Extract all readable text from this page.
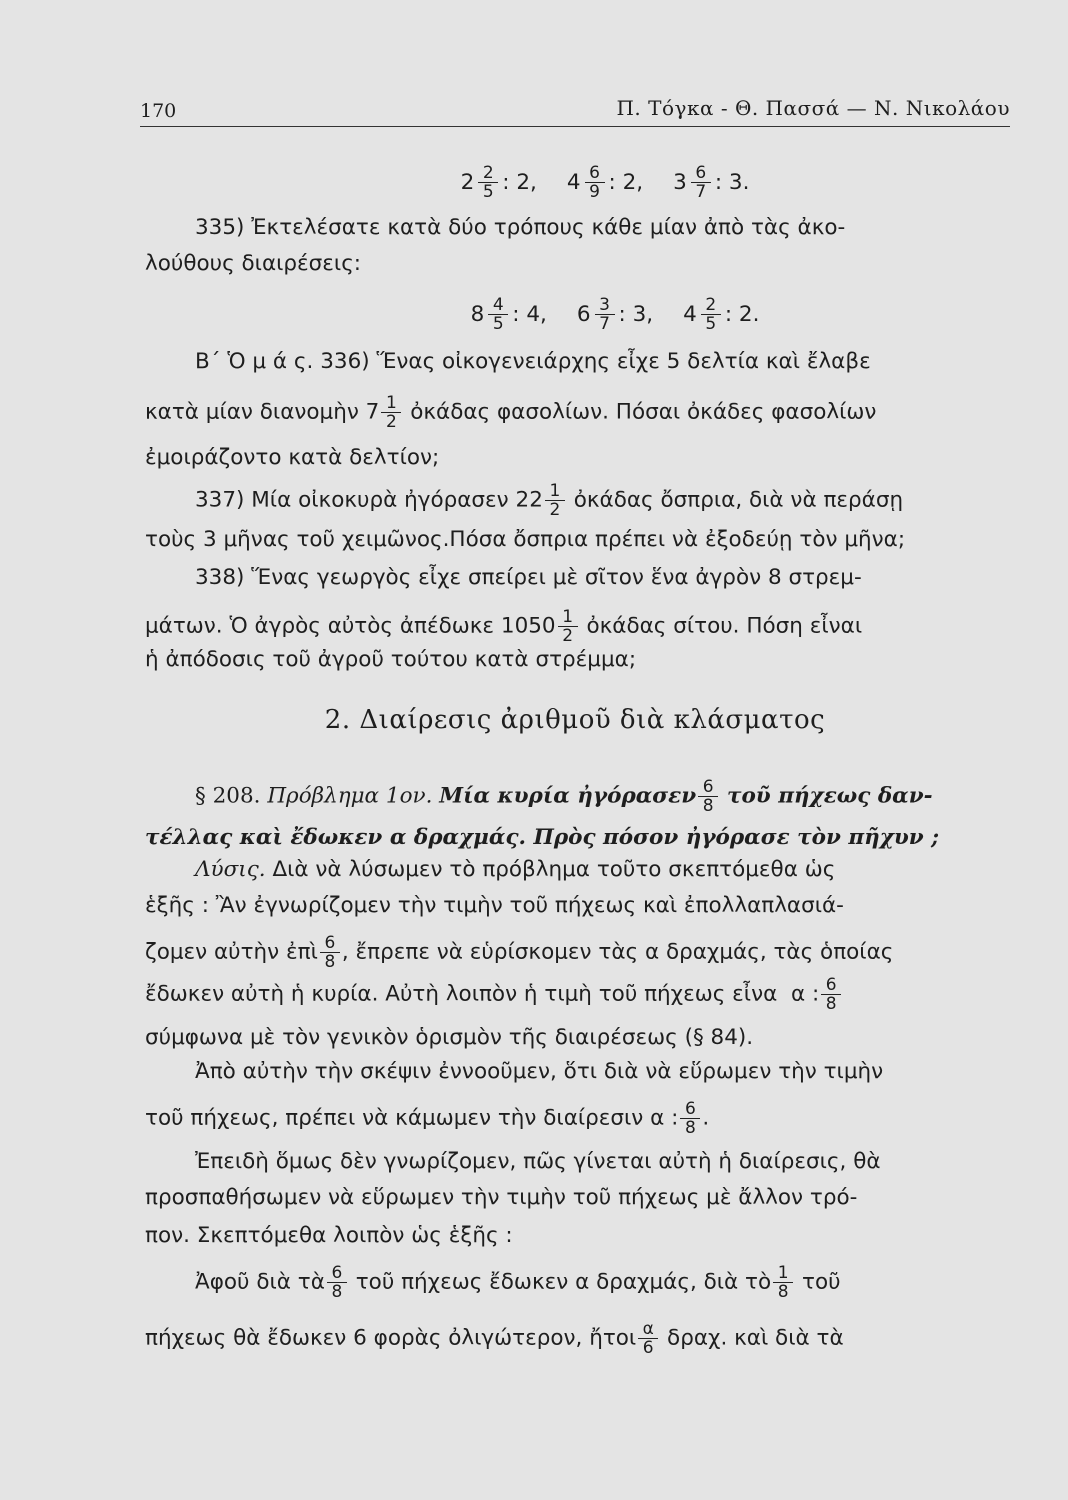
170	Π. Τόγκα - Θ. Πασσά — Ν. Νικολάου
$2 \frac{2}{5}$ : 2, $4 \frac{6}{9}$ : 2, $3 \frac{6}{7}$ : 3.
335) Ἐκτελέσατε κατὰ δύο τρόπους κάθε μίαν ἀπὸ τὰς ἀκο-
λούθους διαιρέσεις:
$8 \frac{4}{5}$ : 4, $6 \frac{3}{7}$ : 3, $4 \frac{2}{5}$ : 2.
Β΄ Ὁ μ ά ς. 336) Ἕνας οἰκογενειάρχης εἶχε 5 δελτία καὶ ἔλαβε
κατὰ μίαν διανομὴν $7 \frac{1}{2}$ ὀκάδας φασολίων. Πόσαι ὀκάδες φασολίων
ἐμοιράζοντο κατὰ δελτίον;
337) Μία οἰκοκυρὰ ἠγόρασεν $22 \frac{1}{2}$ ὀκάδας ὄσπρια, διὰ νὰ περάσῃ
τοὺς 3 μῆνας τοῦ χειμῶνος.Πόσα ὄσπρια πρέπει νὰ ἐξοδεύῃ τὸν μῆνα;
338) Ἕνας γεωργὸς εἶχε σπείρει μὲ σῖτον ἕνα ἀγρὸν 8 στρεμ-
μάτων. Ὁ ἀγρὸς αὐτὸς ἀπέδωκε $1050 \frac{1}{2}$ ὀκάδας σίτου. Πόση εἶναι
ἡ ἀπόδοσις τοῦ ἀγροῦ τούτου κατὰ στρέμμα;
2. Διαίρεσις ἀριθμοῦ διὰ κλάσματος
§ 208. Πρόβλημα 1ον. Μία κυρία ἠγόρασεν $\frac{6}{8}$ τοῦ πήχεως δαν-
τέλλας καὶ ἔδωκεν α δραχμάς. Πρὸς πόσον ἠγόρασε τὸν πῆχυν ;
Λύσις. Διὰ νὰ λύσωμεν τὸ πρόβλημα τοῦτο σκεπτόμεθα ὡς
ἑξῆς : Ἂν ἐγνωρίζομεν τὴν τιμὴν τοῦ πήχεως καὶ ἐπολλαπλασιά-
ζομεν αὐτὴν ἐπὶ $\frac{6}{8}$ , ἔπρεπε νὰ εὑρίσκομεν τὰς α δραχμάς, τὰς ὁποίας
ἔδωκεν αὐτὴ ἡ κυρία. Αὐτὴ λοιπὸν ἡ τιμὴ τοῦ πήχεως εἶνα α : $\frac{6}{8}$
σύμφωνα μὲ τὸν γενικὸν ὁρισμὸν τῆς διαιρέσεως (§ 84).
Ἀπὸ αὐτὴν τὴν σκέψιν ἐννοοῦμεν, ὅτι διὰ νὰ εὕρωμεν τὴν τιμὴν
τοῦ πήχεως, πρέπει νὰ κάμωμεν τὴν διαίρεσιν α : $\frac{6}{8}$ .
Ἐπειδὴ ὅμως δὲν γνωρίζομεν, πῶς γίνεται αὐτὴ ἡ διαίρεσις, θὰ
προσπαθήσωμεν νὰ εὕρωμεν τὴν τιμὴν τοῦ πήχεως μὲ ἄλλον τρό-
πον. Σκεπτόμεθα λοιπὸν ὡς ἑξῆς :
Ἀφοῦ διὰ τὰ $\frac{6}{8}$ τοῦ πήχεως ἔδωκεν α δραχμάς, διὰ τὸ $\frac{1}{8}$ τοῦ
πήχεως θὰ ἔδωκεν 6 φορὰς ὀλιγώτερον, ἤτοι $\frac{\alpha}{6} \delta\rho\alpha\chi$. καὶ διὰ τὰ
